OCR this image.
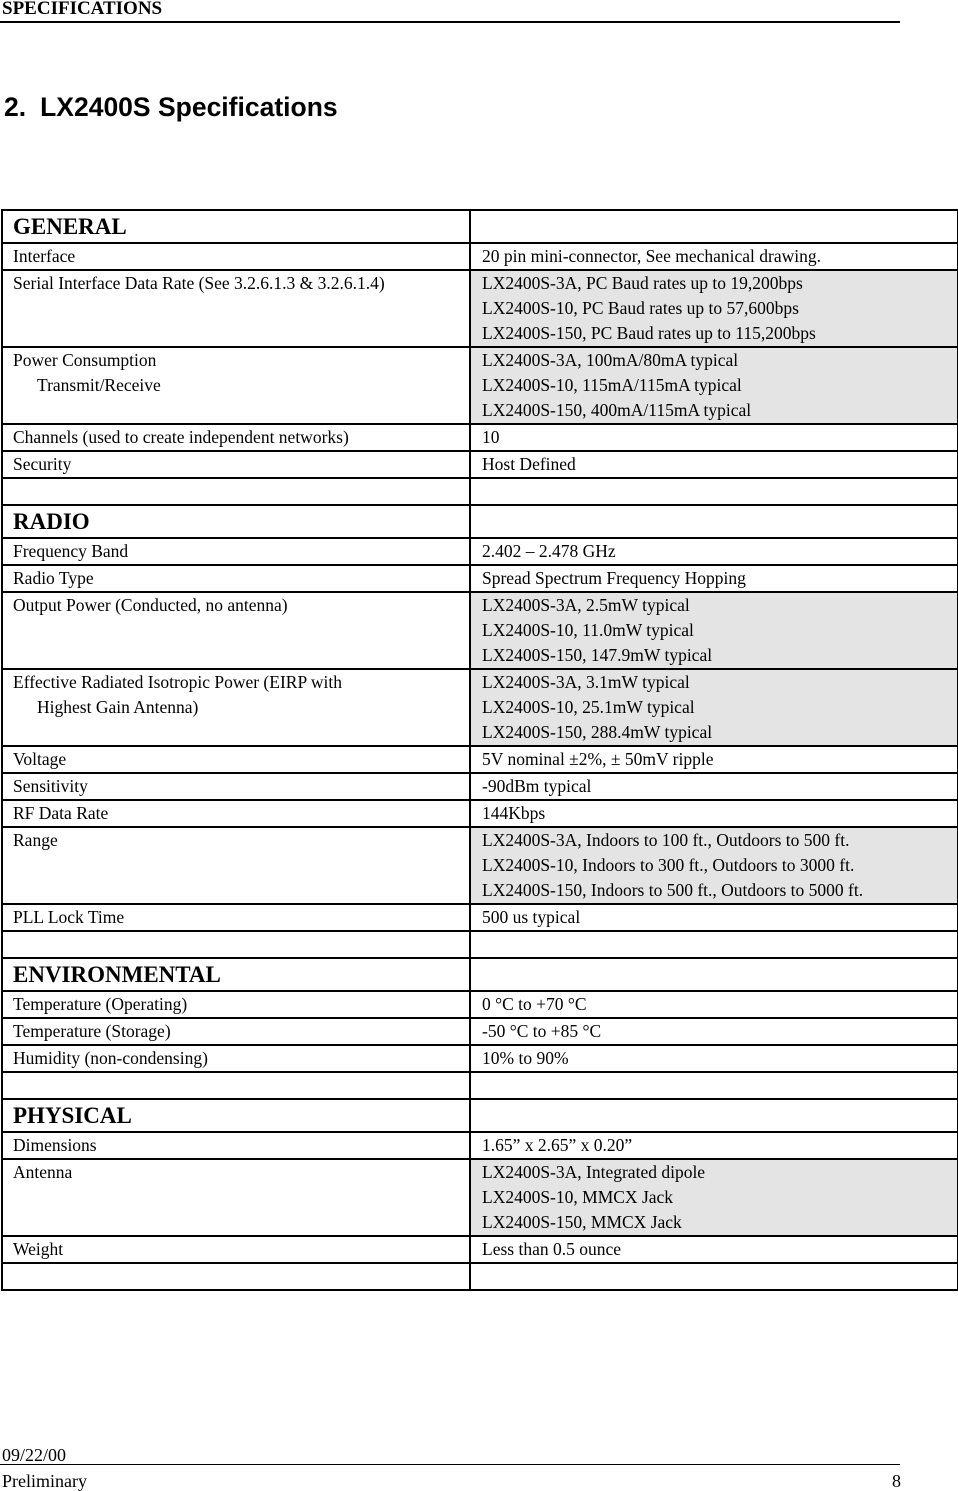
SPECIFICATIONS
2. LX2400S Specifications
GENERAL	

Interface	20 pin mini-connector, See mechanical drawing.

Serial Interface Data Rate (See 3.2.6.1.3 & 3.2.6.1.4)	LX2400S-3A, PC Baud rates up to 19,200bps
LX2400S-10, PC Baud rates up to 57,600bps
LX2400S-150, PC Baud rates up to 115,200bps

Power Consumption
Transmit/Receive	LX2400S-3A, 100mA/80mA typical
LX2400S-10, 115mA/115mA typical
LX2400S-150, 400mA/115mA typical

Channels (used to create independent networks)	10

Security	Host Defined

RADIO	

Frequency Band	2.402 – 2.478 GHz

Radio Type	Spread Spectrum Frequency Hopping

Output Power (Conducted, no antenna)	LX2400S-3A, 2.5mW typical
LX2400S-10, 11.0mW typical
LX2400S-150, 147.9mW typical

Effective Radiated Isotropic Power (EIRP with
Highest Gain Antenna)	LX2400S-3A, 3.1mW typical
LX2400S-10, 25.1mW typical
LX2400S-150, 288.4mW typical

Voltage	5V nominal ±2%, ± 50mV ripple

Sensitivity	-90dBm typical

RF Data Rate	144Kbps

Range	LX2400S-3A, Indoors to 100 ft., Outdoors to 500 ft.
LX2400S-10, Indoors to 300 ft., Outdoors to 3000 ft.
LX2400S-150, Indoors to 500 ft., Outdoors to 5000 ft.

PLL Lock Time	500 us typical

ENVIRONMENTAL	

Temperature (Operating)	0 °C to +70 °C

Temperature (Storage)	-50 °C to +85 °C

Humidity (non-condensing)	10% to 90%

PHYSICAL	

Dimensions	1.65” x 2.65” x 0.20”

Antenna	LX2400S-3A, Integrated dipole
LX2400S-10, MMCX Jack
LX2400S-150, MMCX Jack

Weight	Less than 0.5 ounce

09/22/00
Preliminary	8
